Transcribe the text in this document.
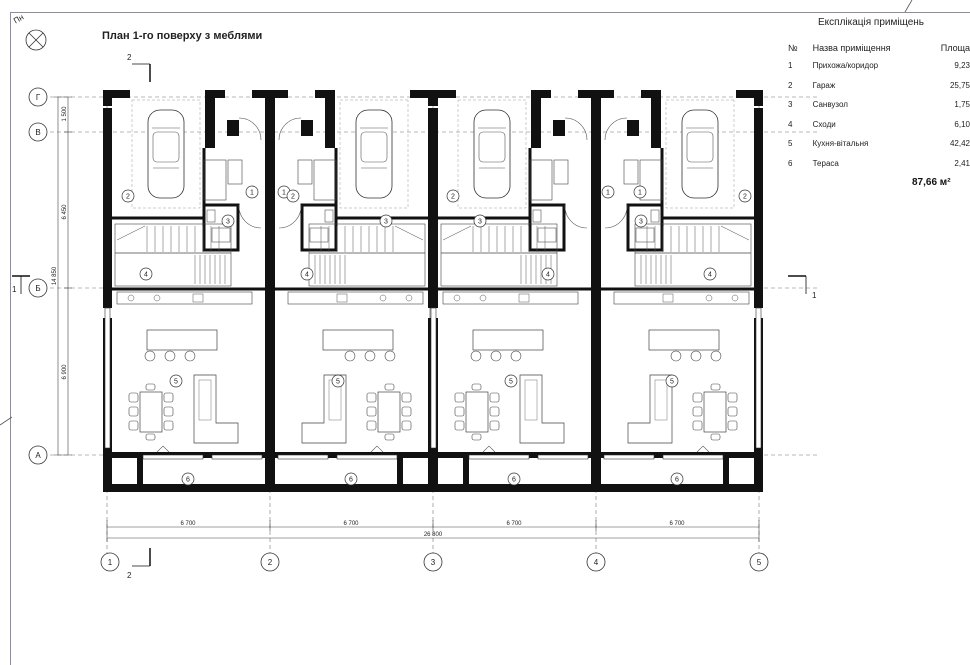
Пн
План 1-го поверху з меблями
1 500
6 450
14 850
6 900
Г
В
Б
А
2
2
1
1
6 700	6 700	6 700	6 700
26 800
1	2	3	4	5
1
2
3
4
5
6
1
2
3
4
5
6
1
2
3
4
5
6
1
2
3
4
5
6
Експлікація приміщень
№	Назва приміщення	Площа
1	Прихожа/коридор	9,23
2	Гараж	25,75
3	Санвузол	1,75
4	Сходи	6,10
5	Кухня-вітальня	42,42
6	Тераса	2,41
87,66 м²
